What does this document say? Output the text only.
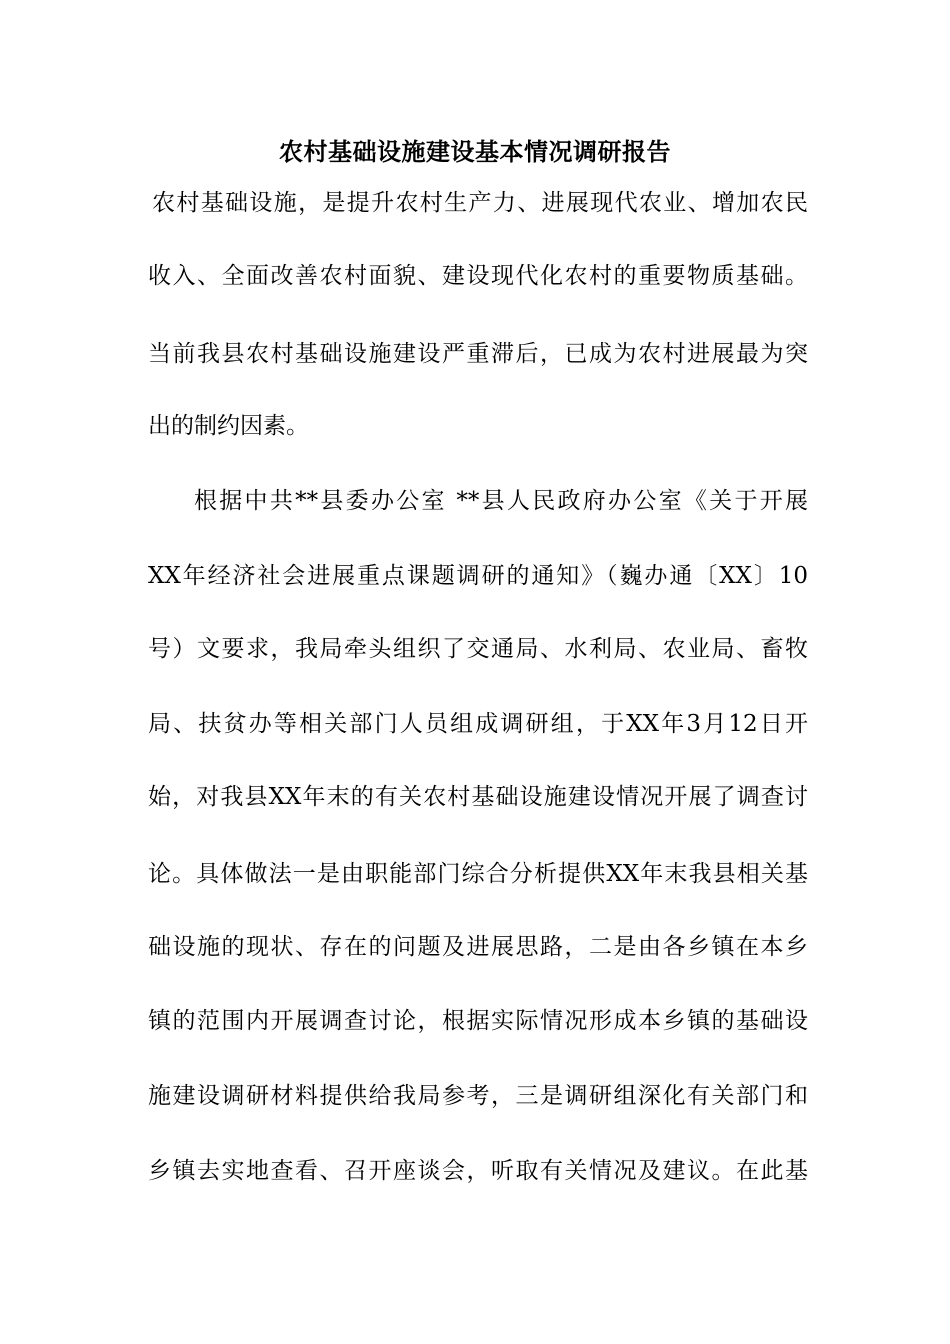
农村基础设施建设基本情况调研报告
农村基础设施，是提升农村生产力、进展现代农业、增加农民
收入、全面改善农村面貌、建设现代化农村的重要物质基础。
当前我县农村基础设施建设严重滞后，已成为农村进展最为突
出的制约因素。
根据中共**县委办公室 **县人民政府办公室《关于开展
XX年经济社会进展重点课题调研的通知》（巍办通〔XX〕10
号）文要求，我局牵头组织了交通局、水利局、农业局、畜牧
局、扶贫办等相关部门人员组成调研组，于XX年3月12日开
始，对我县XX年末的有关农村基础设施建设情况开展了调查讨
论。具体做法一是由职能部门综合分析提供XX年末我县相关基
础设施的现状、存在的问题及进展思路，二是由各乡镇在本乡
镇的范围内开展调查讨论，根据实际情况形成本乡镇的基础设
施建设调研材料提供给我局参考，三是调研组深化有关部门和
乡镇去实地查看、召开座谈会，听取有关情况及建议。在此基
